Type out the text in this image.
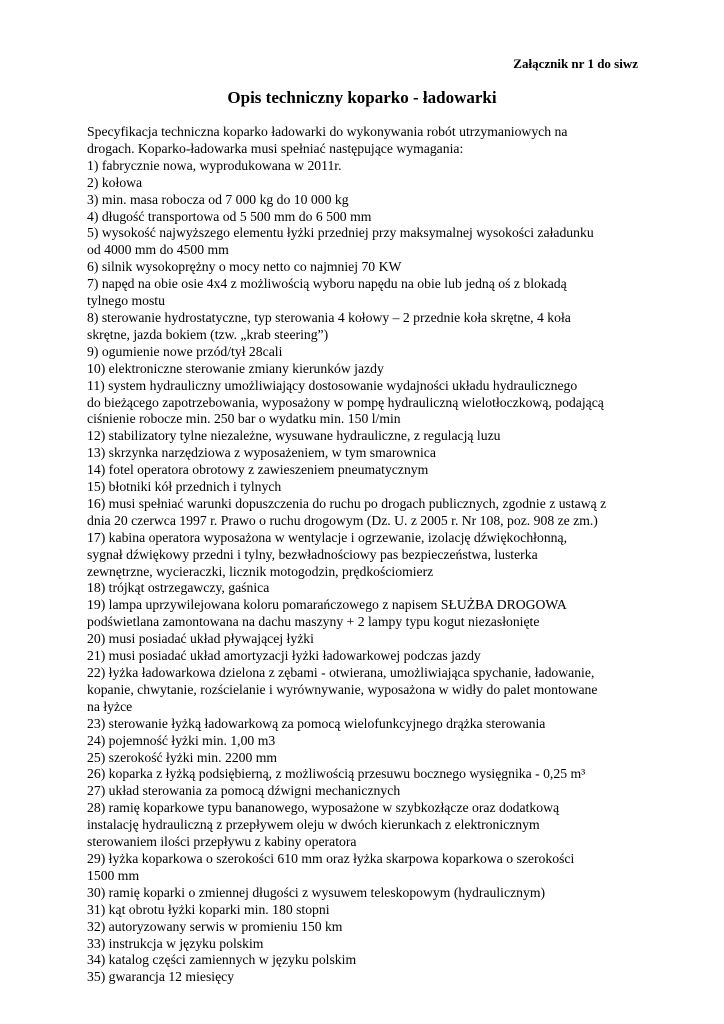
Załącznik nr 1 do siwz
Opis techniczny koparko - ładowarki
Specyfikacja techniczna koparko ładowarki do wykonywania robót utrzymaniowych na
drogach. Koparko-ładowarka musi spełniać następujące wymagania:
1) fabrycznie nowa, wyprodukowana w 2011r.
2) kołowa
3) min. masa robocza od 7 000 kg do 10 000 kg
4) długość transportowa od 5 500 mm do 6 500 mm
5) wysokość najwyższego elementu łyżki przedniej przy maksymalnej wysokości załadunku
od 4000 mm do 4500 mm
6) silnik wysokoprężny o mocy netto co najmniej 70 KW
7) napęd na obie osie 4x4 z możliwością wyboru napędu na obie lub jedną oś z blokadą
tylnego mostu
8) sterowanie hydrostatyczne, typ sterowania 4 kołowy – 2 przednie koła skrętne, 4 koła
skrętne, jazda bokiem (tzw. „krab steering”)
9) ogumienie nowe przód/tył 28cali
10) elektroniczne sterowanie zmiany kierunków jazdy
11) system hydrauliczny umożliwiający dostosowanie wydajności układu hydraulicznego
do bieżącego zapotrzebowania, wyposażony w pompę hydrauliczną wielotłoczkową, podającą
ciśnienie robocze min. 250 bar o wydatku min. 150 l/min
12) stabilizatory tylne niezależne, wysuwane hydrauliczne, z regulacją luzu
13) skrzynka narzędziowa z wyposażeniem, w tym smarownica
14) fotel operatora obrotowy z zawieszeniem pneumatycznym
15) błotniki kół przednich i tylnych
16) musi spełniać warunki dopuszczenia do ruchu po drogach publicznych, zgodnie z ustawą z
dnia 20 czerwca 1997 r. Prawo o ruchu drogowym (Dz. U. z 2005 r. Nr 108, poz. 908 ze zm.)
17) kabina operatora wyposażona w wentylacje i ogrzewanie, izolację dźwiękochłonną,
sygnał dźwiękowy przedni i tylny, bezwładnościowy pas bezpieczeństwa, lusterka
zewnętrzne, wycieraczki, licznik motogodzin, prędkościomierz
18) trójkąt ostrzegawczy, gaśnica
19) lampa uprzywilejowana koloru pomarańczowego z napisem SŁUŻBA DROGOWA
podświetlana zamontowana na dachu maszyny + 2 lampy typu kogut niezasłonięte
20) musi posiadać układ pływającej łyżki
21) musi posiadać układ amortyzacji łyżki ładowarkowej podczas jazdy
22) łyżka ładowarkowa dzielona z zębami - otwierana, umożliwiająca spychanie, ładowanie,
kopanie, chwytanie, rozścielanie i wyrównywanie, wyposażona w widły do palet montowane
na łyżce
23) sterowanie łyżką ładowarkową za pomocą wielofunkcyjnego drążka sterowania
24) pojemność łyżki min. 1,00 m3
25) szerokość łyżki min. 2200 mm
26) koparka z łyżką podsiębierną, z możliwością przesuwu bocznego wysięgnika - 0,25 m³
27) układ sterowania za pomocą dźwigni mechanicznych
28) ramię koparkowe typu bananowego, wyposażone w szybkozłącze oraz dodatkową
instalację hydrauliczną z przepływem oleju w dwóch kierunkach z elektronicznym
sterowaniem ilości przepływu z kabiny operatora
29) łyżka koparkowa o szerokości 610 mm oraz łyżka skarpowa koparkowa o szerokości
1500 mm
30) ramię koparki o zmiennej długości z wysuwem teleskopowym (hydraulicznym)
31) kąt obrotu łyżki koparki min. 180 stopni
32) autoryzowany serwis w promieniu 150 km
33) instrukcja w języku polskim
34) katalog części zamiennych w języku polskim
35) gwarancja 12 miesięcy
